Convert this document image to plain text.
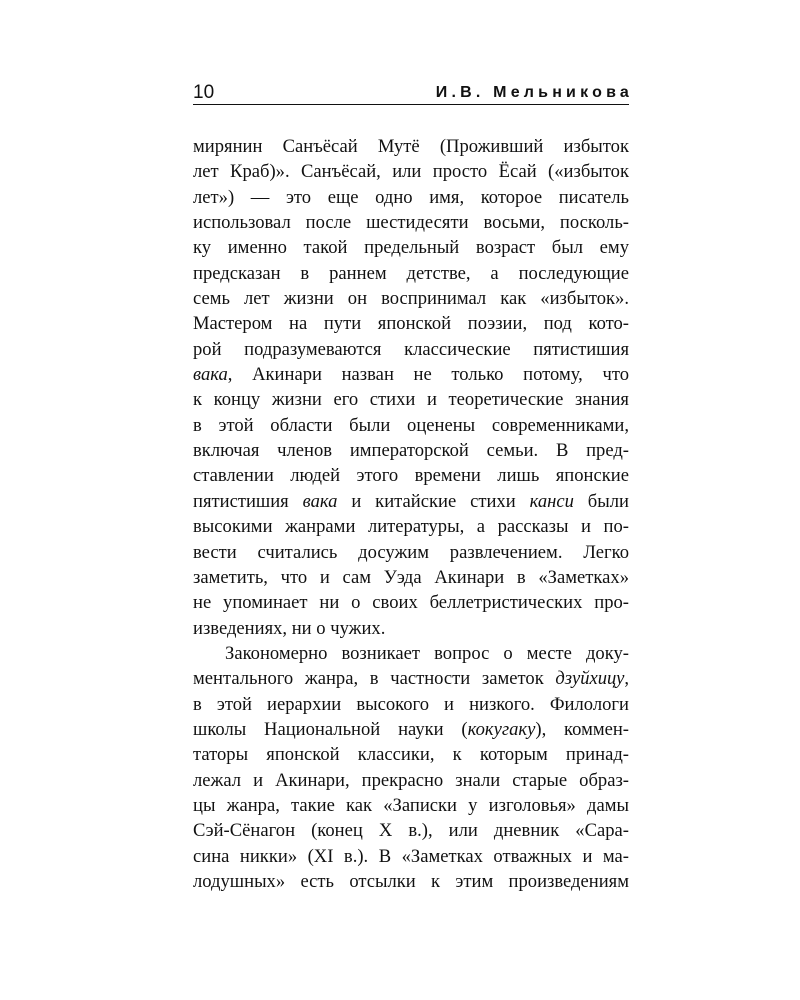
10	И.В. Мельникова
мирянин Санъёсай Мутё (Проживший избыток
лет Краб)». Санъёсай, или просто Ёсай («избыток
лет») — это еще одно имя, которое писатель
использовал после шестидесяти восьми, посколь-
ку именно такой предельный возраст был ему
предсказан в раннем детстве, а последующие
семь лет жизни он воспринимал как «избыток».
Мастером на пути японской поэзии, под кото-
рой подразумеваются классические пятистишия
вака, Акинари назван не только потому, что
к концу жизни его стихи и теоретические знания
в этой области были оценены современниками,
включая членов императорской семьи. В пред-
ставлении людей этого времени лишь японские
пятистишия вака и китайские стихи канси были
высокими жанрами литературы, а рассказы и по-
вести считались досужим развлечением. Легко
заметить, что и сам Уэда Акинари в «Заметках»
не упоминает ни о своих беллетристических про-
изведениях, ни о чужих.
Закономерно возникает вопрос о месте доку-
ментального жанра, в частности заметок дзуйхицу,
в этой иерархии высокого и низкого. Филологи
школы Национальной науки (кокугаку), коммен-
таторы японской классики, к которым принад-
лежал и Акинари, прекрасно знали старые образ-
цы жанра, такие как «Записки у изголовья» дамы
Сэй-Сёнагон (конец X в.), или дневник «Сара-
сина никки» (XI в.). В «Заметках отважных и ма-
лодушных» есть отсылки к этим произведениям
